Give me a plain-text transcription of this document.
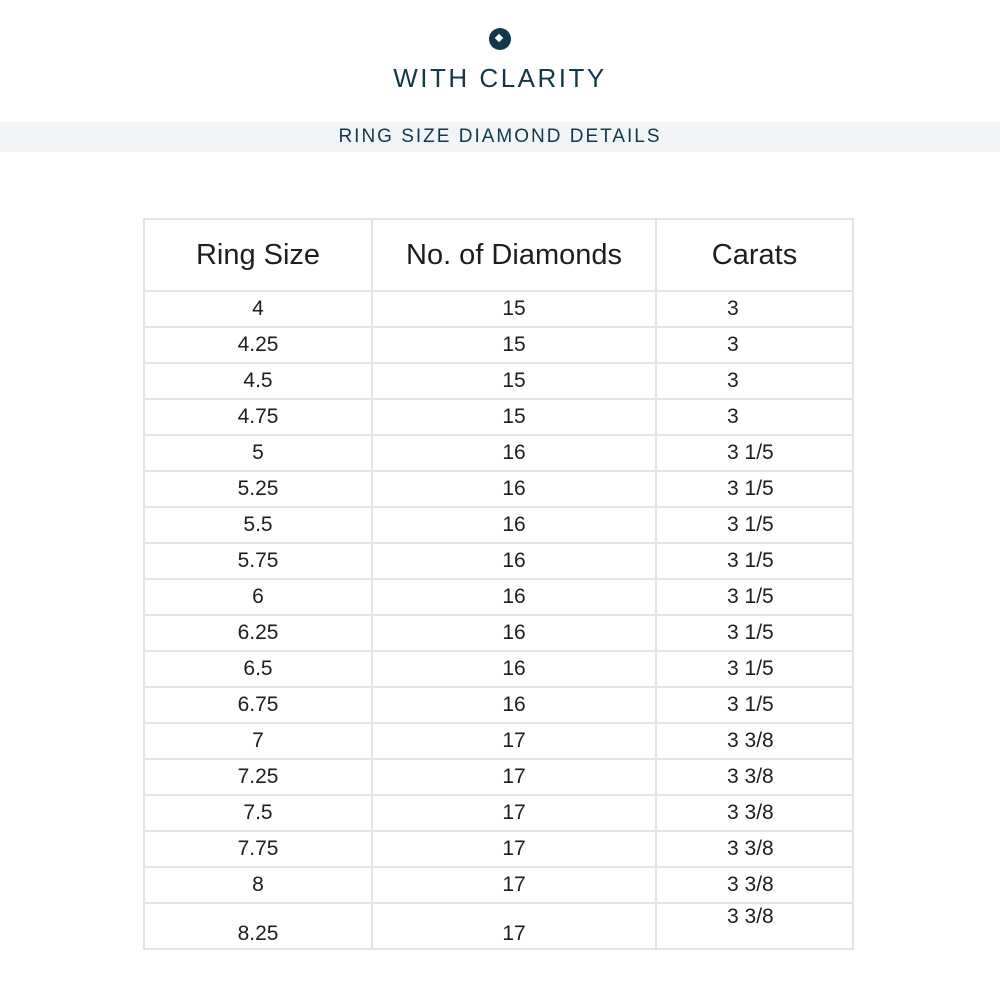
WITH CLARITY
RING SIZE DIAMOND DETAILS
Ring Size	No. of Diamonds	Carats
4	15	3
4.25	15	3
4.5	15	3
4.75	15	3
5	16	3 1/5
5.25	16	3 1/5
5.5	16	3 1/5
5.75	16	3 1/5
6	16	3 1/5
6.25	16	3 1/5
6.5	16	3 1/5
6.75	16	3 1/5
7	17	3 3/8
7.25	17	3 3/8
7.5	17	3 3/8
7.75	17	3 3/8
8	17	3 3/8
8.25	17	3 3/8
